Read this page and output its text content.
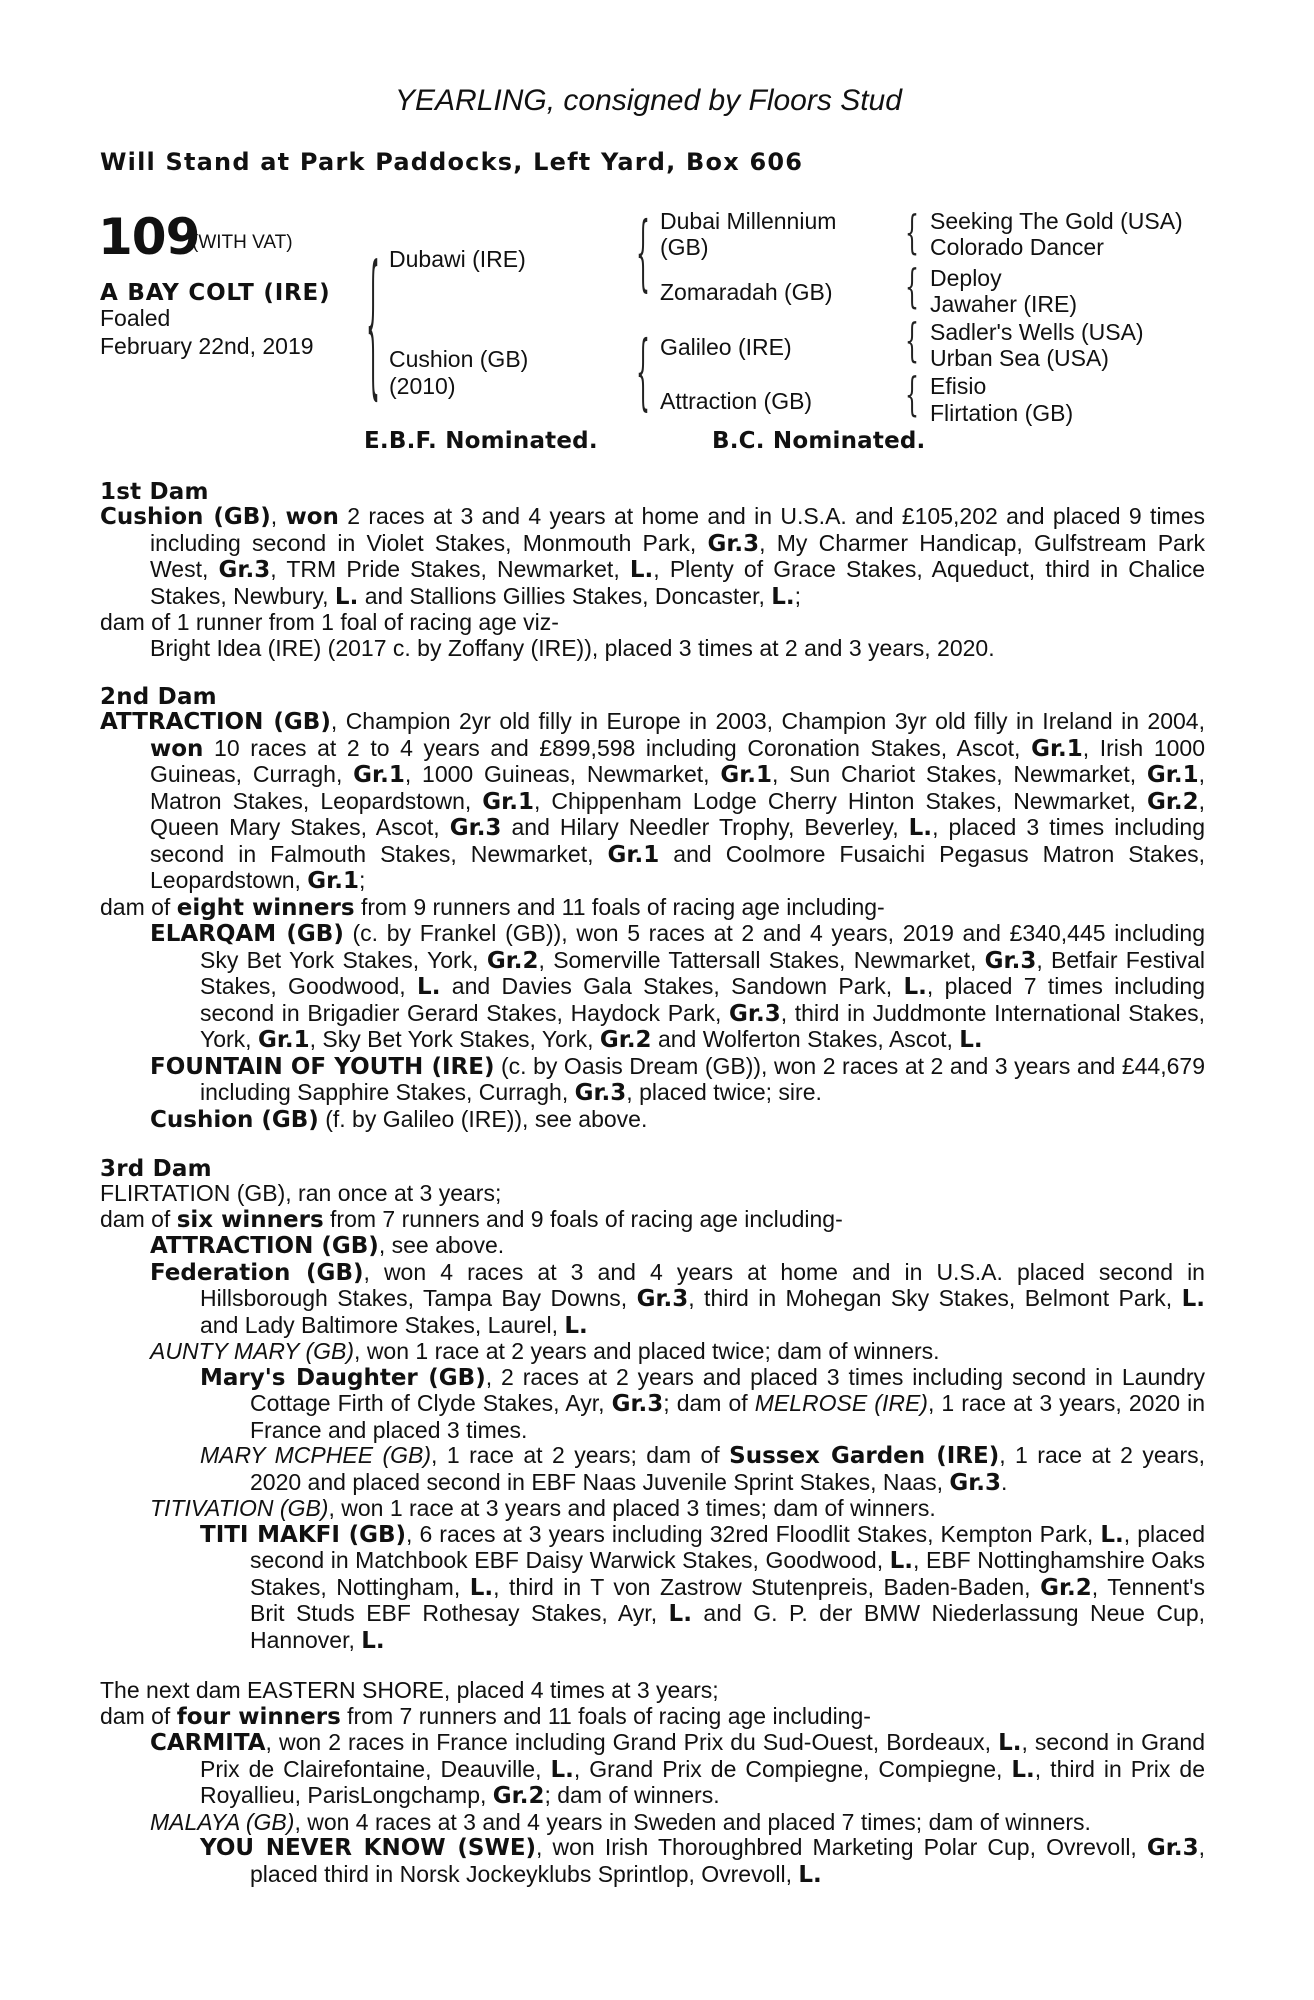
YEARLING, consigned by Floors Stud
Will Stand at Park Paddocks, Left Yard, Box 606
109
(WITH VAT)
A BAY COLT (IRE)
Foaled
February 22nd, 2019 {	{
{
{
{
{
{
Dubawi (IRE)
Cushion (GB)
(2010)
Dubai Millennium
(GB)
Zomaradah (GB)
Galileo (IRE)
Attraction (GB)
Seeking The Gold (USA)
Colorado Dancer
Deploy
Jawaher (IRE)
Sadler's Wells (USA)
Urban Sea (USA)
Efisio
Flirtation (GB)
E.B.F. Nominated.	B.C. Nominated.

1st Dam

Cushion (GB), won 2 races at 3 and 4 years at home and in U.S.A. and £105,202 and placed 9 times including second in Violet Stakes, Monmouth Park, Gr.3, My Charmer Handicap, Gulfstream Park West, Gr.3, TRM Pride Stakes, Newmarket, L., Plenty of Grace Stakes, Aqueduct, third in Chalice Stakes, Newbury, L. and Stallions Gillies Stakes, Doncaster, L.;

dam of 1 runner from 1 foal of racing age viz-

Bright Idea (IRE) (2017 c. by Zoffany (IRE)), placed 3 times at 2 and 3 years, 2020.

2nd Dam

ATTRACTION (GB), Champion 2yr old filly in Europe in 2003, Champion 3yr old filly in Ireland in 2004, won 10 races at 2 to 4 years and £899,598 including Coronation Stakes, Ascot, Gr.1, Irish 1000 Guineas, Curragh, Gr.1, 1000 Guineas, Newmarket, Gr.1, Sun Chariot Stakes, Newmarket, Gr.1, Matron Stakes, Leopardstown, Gr.1, Chippenham Lodge Cherry Hinton Stakes, Newmarket, Gr.2, Queen Mary Stakes, Ascot, Gr.3 and Hilary Needler Trophy, Beverley, L., placed 3 times including second in Falmouth Stakes, Newmarket, Gr.1 and Coolmore Fusaichi Pegasus Matron Stakes, Leopardstown, Gr.1;

dam of eight winners from 9 runners and 11 foals of racing age including-

ELARQAM (GB) (c. by Frankel (GB)), won 5 races at 2 and 4 years, 2019 and £340,445 including Sky Bet York Stakes, York, Gr.2, Somerville Tattersall Stakes, Newmarket, Gr.3, Betfair Festival Stakes, Goodwood, L. and Davies Gala Stakes, Sandown Park, L., placed 7 times including second in Brigadier Gerard Stakes, Haydock Park, Gr.3, third in Juddmonte International Stakes, York, Gr.1, Sky Bet York Stakes, York, Gr.2 and Wolferton Stakes, Ascot, L.

FOUNTAIN OF YOUTH (IRE) (c. by Oasis Dream (GB)), won 2 races at 2 and 3 years and £44,679 including Sapphire Stakes, Curragh, Gr.3, placed twice; sire.

Cushion (GB) (f. by Galileo (IRE)), see above.

3rd Dam

FLIRTATION (GB), ran once at 3 years;

dam of six winners from 7 runners and 9 foals of racing age including-

ATTRACTION (GB), see above.

Federation (GB), won 4 races at 3 and 4 years at home and in U.S.A. placed second in Hillsborough Stakes, Tampa Bay Downs, Gr.3, third in Mohegan Sky Stakes, Belmont Park, L. and Lady Baltimore Stakes, Laurel, L.

AUNTY MARY (GB), won 1 race at 2 years and placed twice; dam of winners.

Mary's Daughter (GB), 2 races at 2 years and placed 3 times including second in Laundry Cottage Firth of Clyde Stakes, Ayr, Gr.3; dam of MELROSE (IRE), 1 race at 3 years, 2020 in France and placed 3 times.

MARY MCPHEE (GB), 1 race at 2 years; dam of Sussex Garden (IRE), 1 race at 2 years, 2020 and placed second in EBF Naas Juvenile Sprint Stakes, Naas, Gr.3.

TITIVATION (GB), won 1 race at 3 years and placed 3 times; dam of winners.

TITI MAKFI (GB), 6 races at 3 years including 32red Floodlit Stakes, Kempton Park, L., placed second in Matchbook EBF Daisy Warwick Stakes, Goodwood, L., EBF Nottinghamshire Oaks Stakes, Nottingham, L., third in T von Zastrow Stutenpreis, Baden-Baden, Gr.2, Tennent's Brit Studs EBF Rothesay Stakes, Ayr, L. and G. P. der BMW Niederlassung Neue Cup, Hannover, L.

The next dam EASTERN SHORE, placed 4 times at 3 years;

dam of four winners from 7 runners and 11 foals of racing age including-

CARMITA, won 2 races in France including Grand Prix du Sud-Ouest, Bordeaux, L., second in Grand Prix de Clairefontaine, Deauville, L., Grand Prix de Compiegne, Compiegne, L., third in Prix de Royallieu, ParisLongchamp, Gr.2; dam of winners.

MALAYA (GB), won 4 races at 3 and 4 years in Sweden and placed 7 times; dam of winners.

YOU NEVER KNOW (SWE), won Irish Thoroughbred Marketing Polar Cup, Ovrevoll, Gr.3, placed third in Norsk Jockeyklubs Sprintlop, Ovrevoll, L.
